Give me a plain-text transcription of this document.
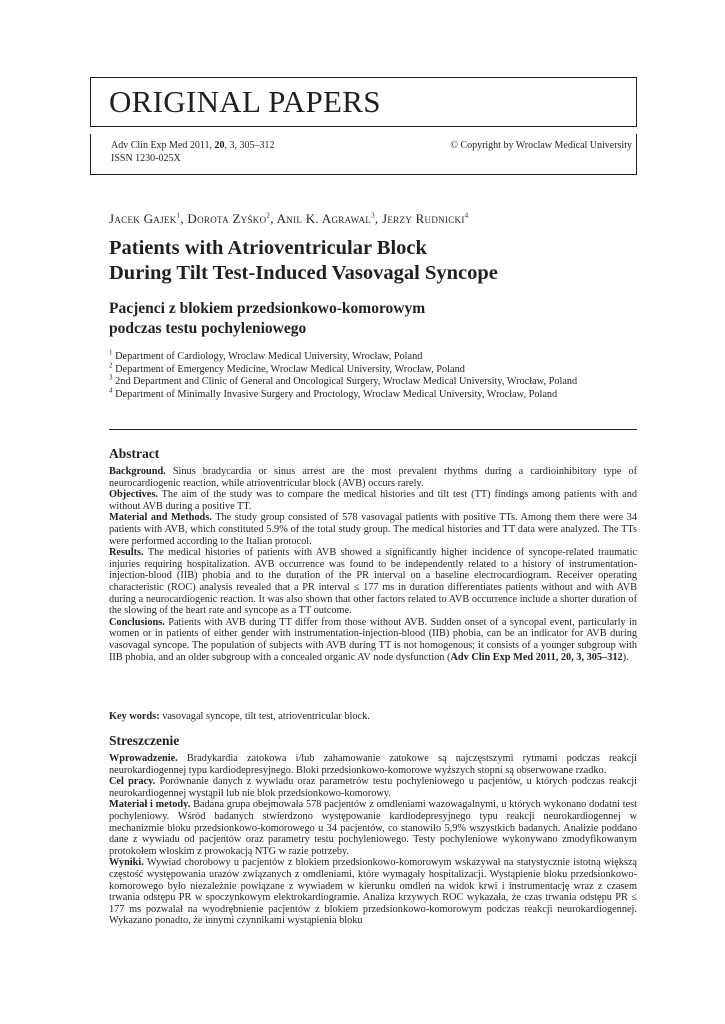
ORIGINAL PAPERS
Adv Clin Exp Med 2011, 20, 3, 305–312
ISSN 1230-025X
© Copyright by Wroclaw Medical University
Jacek Gajek$^1$, Dorota Zyśko$^2$, Anil K. Agrawal$^3$, Jerzy Rudnicki$^4$
Patients with Atrioventricular Block
During Tilt Test-Induced Vasovagal Syncope
Pacjenci z blokiem przedsionkowo-komorowym
podczas testu pochyleniowego
$^1$ Department of Cardiology, Wroclaw Medical University, Wrocław, Poland
$^2$ Department of Emergency Medicine, Wroclaw Medical University, Wrocław, Poland
$^3$ 2nd Department and Clinic of General and Oncological Surgery, Wroclaw Medical University, Wrocław, Poland
$^4$ Department of Minimally Invasive Surgery and Proctology, Wroclaw Medical University, Wrocław, Poland
Abstract

Background. Sinus bradycardia or sinus arrest are the most prevalent rhythms during a cardioinhibitory type of neurocardiogenic reaction, while atrioventricular block (AVB) occurs rarely.

Objectives. The aim of the study was to compare the medical histories and tilt test (TT) findings among patients with and without AVB during a positive TT.

Material and Methods. The study group consisted of 578 vasovagal patients with positive TTs. Among them there were 34 patients with AVB, which constituted 5.9% of the total study group. The medical histories and TT data were analyzed. The TTs were performed according to the Italian protocol.

Results. The medical histories of patients with AVB showed a significantly higher incidence of syncope-related traumatic injuries requiring hospitalization. AVB occurrence was found to be independently related to a history of instrumentation-injection-blood (IIB) phobia and to the duration of the PR interval on a baseline electrocardiogram. Receiver operating characteristic (ROC) analysis revealed that a PR interval ≤ 177 ms in duration differentiates patients without and with AVB during a neurocardiogenic reaction. It was also shown that other factors related to AVB occurrence include a shorter duration of the slowing of the heart rate and syncope as a TT outcome.

Conclusions. Patients with AVB during TT differ from those without AVB. Sudden onset of a syncopal event, particularly in women or in patients of either gender with instrumentation-injection-blood (IIB) phobia, can be an indicator for AVB during vasovagal syncope. The population of subjects with AVB during TT is not homogenous; it consists of a younger subgroup with IIB phobia, and an older subgroup with a concealed organic AV node dysfunction (Adv Clin Exp Med 2011, 20, 3, 305–312).

Key words: vasovagal syncope, tilt test, atrioventricular block.
Streszczenie

Wprowadzenie. Bradykardia zatokowa i/lub zahamowanie zatokowe są najczęstszymi rytmami podczas reakcji neurokardiogennej typu kardiodepresyjnego. Bloki przedsionkowo-komorowe wyższych stopni są obserwowane rzadko.

Cel pracy. Porównanie danych z wywiadu oraz parametrów testu pochyleniowego u pacjentów, u których podczas reakcji neurokardiogennej wystąpił lub nie blok przedsionkowo-komorowy.

Materiał i metody. Badana grupa obejmowała 578 pacjentów z omdleniami wazowagalnymi, u których wykonano dodatni test pochyleniowy. Wśród badanych stwierdzono występowanie kardiodepresyjnego typu reakcji neurokardiogennej w mechanizmie bloku przedsionkowo-komorowego u 34 pacjentów, co stanowiło 5,9% wszystkich badanych. Analizie poddano dane z wywiadu od pacjentów oraz parametry testu pochyleniowego. Testy pochyleniowe wykonywano zmodyfikowanym protokołem włoskim z prowokacją NTG w razie potrzeby.

Wyniki. Wywiad chorobowy u pacjentów z blokiem przedsionkowo-komorowym wskazywał na statystycznie istotną większą częstość występowania urazów związanych z omdleniami, które wymagały hospitalizacji. Wystąpienie bloku przedsionkowo-komorowego było niezależnie powiązane z wywiadem w kierunku omdleń na widok krwi i instrumentację wraz z czasem trwania odstępu PR w spoczynkowym elektrokardiogramie. Analiza krzywych ROC wykazała, że czas trwania odstępu PR ≤ 177 ms pozwalał na wyodrębnienie pacjentów z blokiem przedsionkowo-komorowym podczas reakcji neurokardiogennej. Wykazano ponadto, że innymi czynnikami wystąpienia bloku
